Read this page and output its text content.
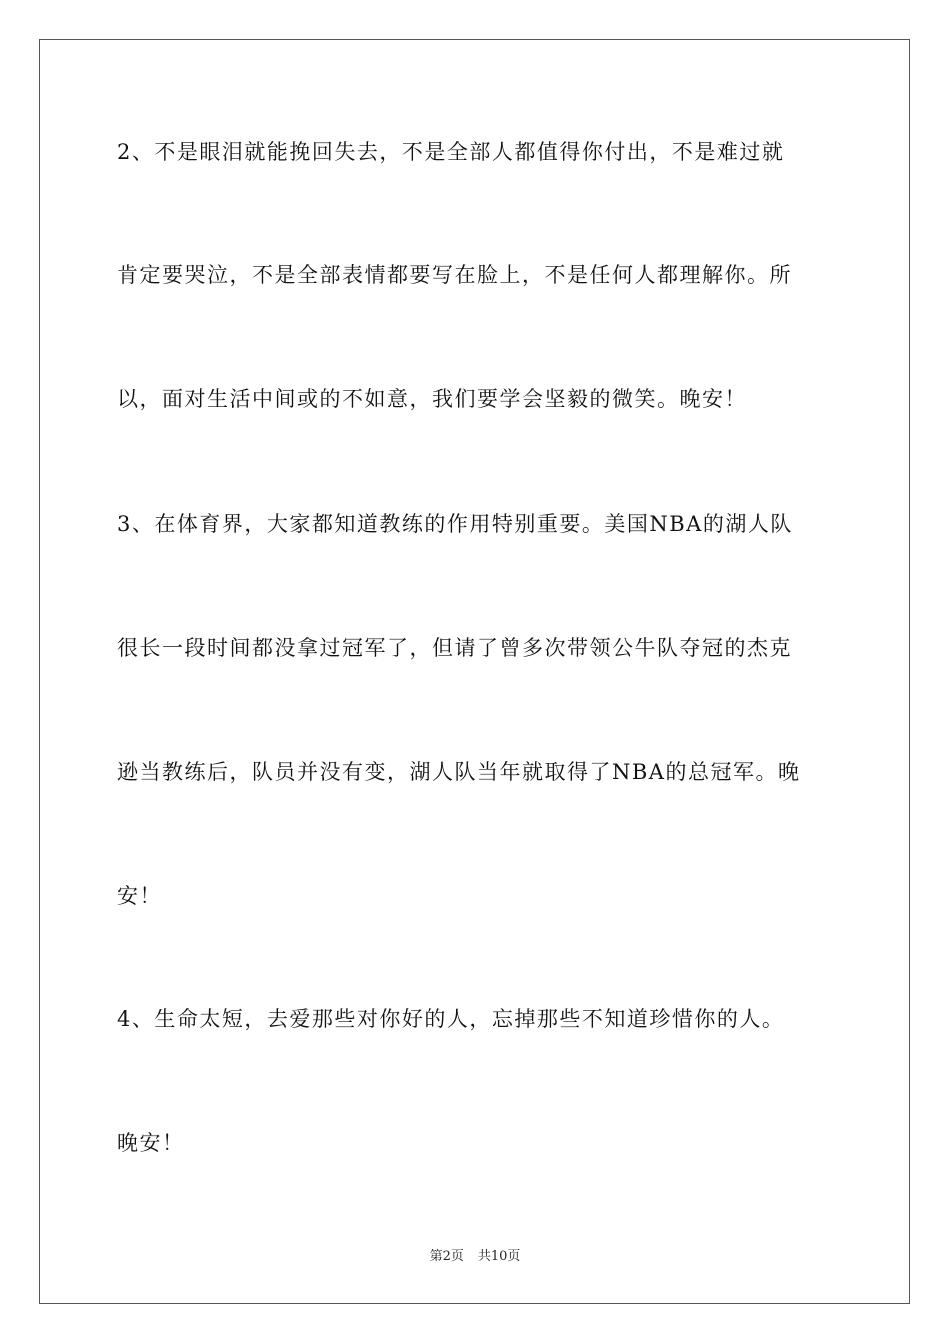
2、不是眼泪就能挽回失去，不是全部人都值得你付出，不是难过就
肯定要哭泣，不是全部表情都要写在脸上，不是任何人都理解你。所
以，面对生活中间或的不如意，我们要学会坚毅的微笑。晚安！
3、在体育界，大家都知道教练的作用特别重要。美国NBA的湖人队
很长一段时间都没拿过冠军了，但请了曾多次带领公牛队夺冠的杰克
逊当教练后，队员并没有变，湖人队当年就取得了NBA的总冠军。晚
安！
4、生命太短，去爱那些对你好的人，忘掉那些不知道珍惜你的人。
晚安！
第2页 共10页
